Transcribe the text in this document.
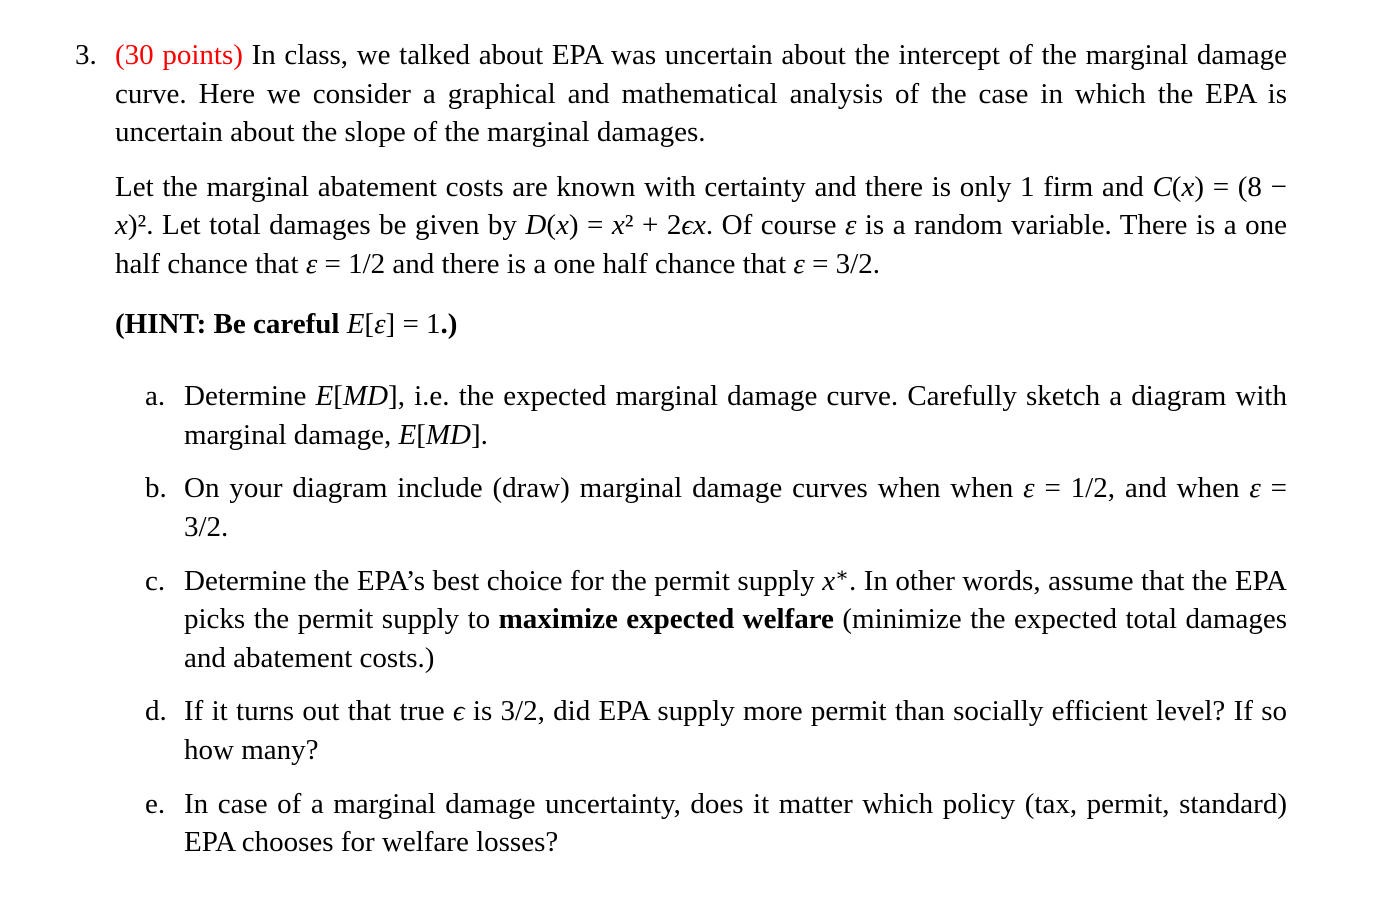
3. (30 points) In class, we talked about EPA was uncertain about the intercept of the marginal damage curve. Here we consider a graphical and mathematical analysis of the case in which the EPA is uncertain about the slope of the marginal damages.

Let the marginal abatement costs are known with certainty and there is only 1 firm and C(x) = (8 − x)². Let total damages be given by D(x) = x² + 2ϵx. Of course ε is a random variable. There is a one half chance that ε = 1/2 and there is a one half chance that ε = 3/2.

(HINT: Be careful E[ε] = 1.)

a. Determine E[MD], i.e. the expected marginal damage curve. Carefully sketch a diagram with marginal damage, E[MD].

b. On your diagram include (draw) marginal damage curves when when ε = 1/2, and when ε = 3/2.

c. Determine the EPA’s best choice for the permit supply x∗. In other words, assume that the EPA picks the permit supply to maximize expected welfare (minimize the expected total damages and abatement costs.)

d. If it turns out that true ϵ is 3/2, did EPA supply more permit than socially efficient level? If so how many?

e. In case of a marginal damage uncertainty, does it matter which policy (tax, permit, standard) EPA chooses for welfare losses?
